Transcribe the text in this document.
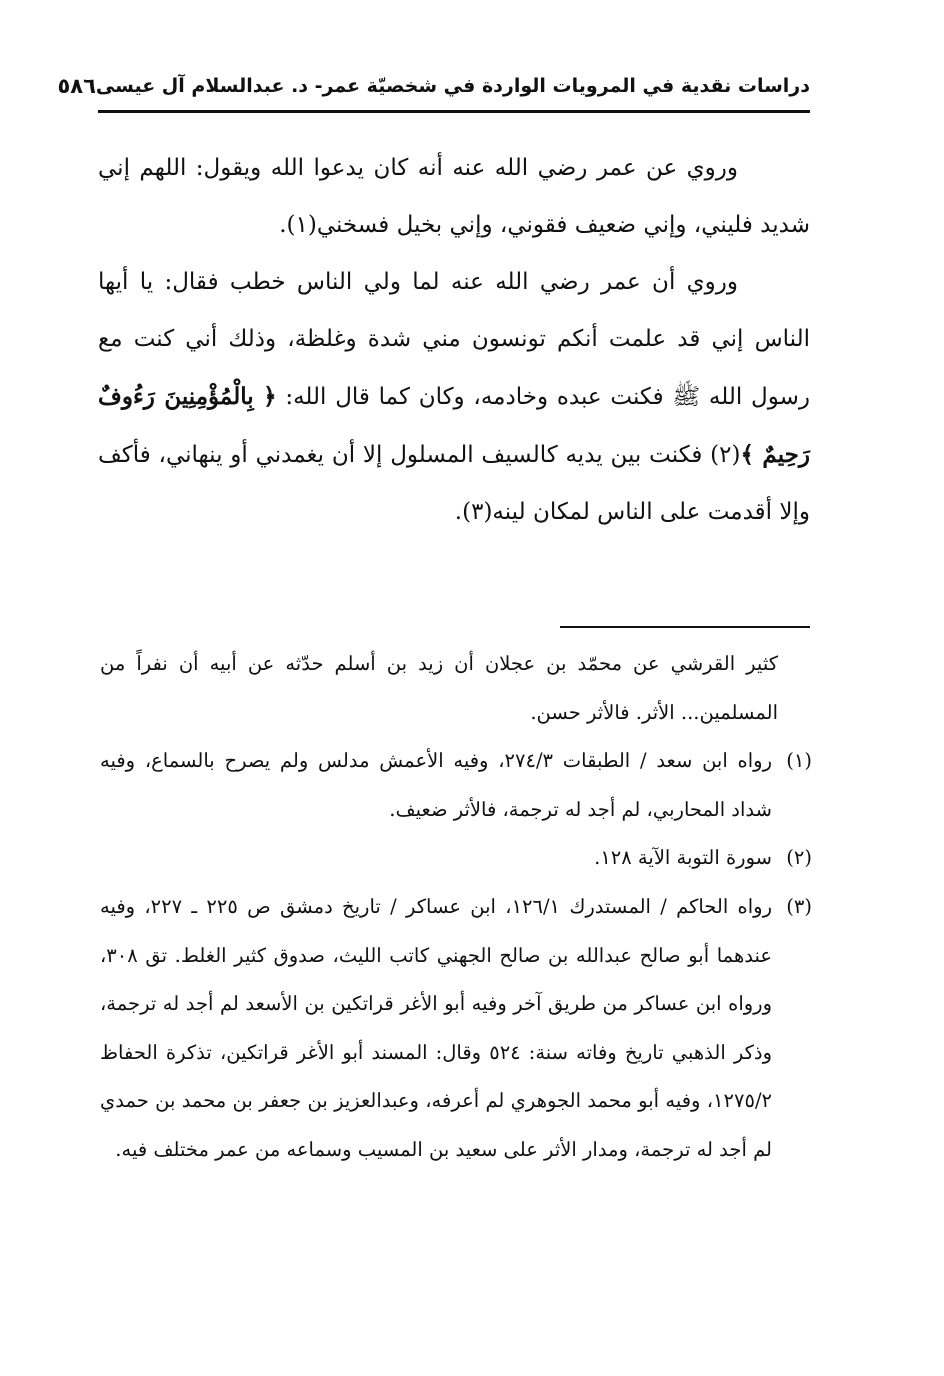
دراسات نقدية في المرويات الواردة في شخصيّة عمر- د. عبدالسلام آل عيسى
٥٨٦

وروي عن عمر رضي الله عنه أنه كان يدعوا الله ويقول: اللهم إني شديد فليني، وإني ضعيف فقوني، وإني بخيل فسخني(١).

وروي أن عمر رضي الله عنه لما ولي الناس خطب فقال: يا أيها الناس إني قد علمت أنكم تونسون مني شدة وغلظة، وذلك أني كنت مع رسول الله ﷺ فكنت عبده وخادمه، وكان كما قال الله: ﴿ بِالْمُؤْمِنِينَ رَءُوفٌ رَحِيمٌ ﴾(٢) فكنت بين يديه كالسيف المسلول إلا أن يغمدني أو ينهاني، فأكف وإلا أقدمت على الناس لمكان لينه(٣).

كثير القرشي عن محمّد بن عجلان أن زيد بن أسلم حدّثه عن أبيه أن نفراً من المسلمين... الأثر. فالأثر حسن.

(١)
رواه ابن سعد / الطبقات ٢٧٤/٣، وفيه الأعمش مدلس ولم يصرح بالسماع، وفيه شداد المحاربي، لم أجد له ترجمة، فالأثر ضعيف.
(٢)
سورة التوبة الآية ١٢٨.
(٣)
رواه الحاكم / المستدرك ١٢٦/١، ابن عساكر / تاريخ دمشق ص ٢٢٥ ـ ٢٢٧، وفيه عندهما أبو صالح عبدالله بن صالح الجهني كاتب الليث، صدوق كثير الغلط. تق ٣٠٨، ورواه ابن عساكر من طريق آخر وفيه أبو الأغر قراتكين بن الأسعد لم أجد له ترجمة، وذكر الذهبي تاريخ وفاته سنة: ٥٢٤ وقال: المسند أبو الأغر قراتكين، تذكرة الحفاظ ١٢٧٥/٢، وفيه أبو محمد الجوهري لم أعرفه، وعبدالعزيز بن جعفر بن محمد بن حمدي لم أجد له ترجمة، ومدار الأثر على سعيد بن المسيب وسماعه من عمر مختلف فيه.
